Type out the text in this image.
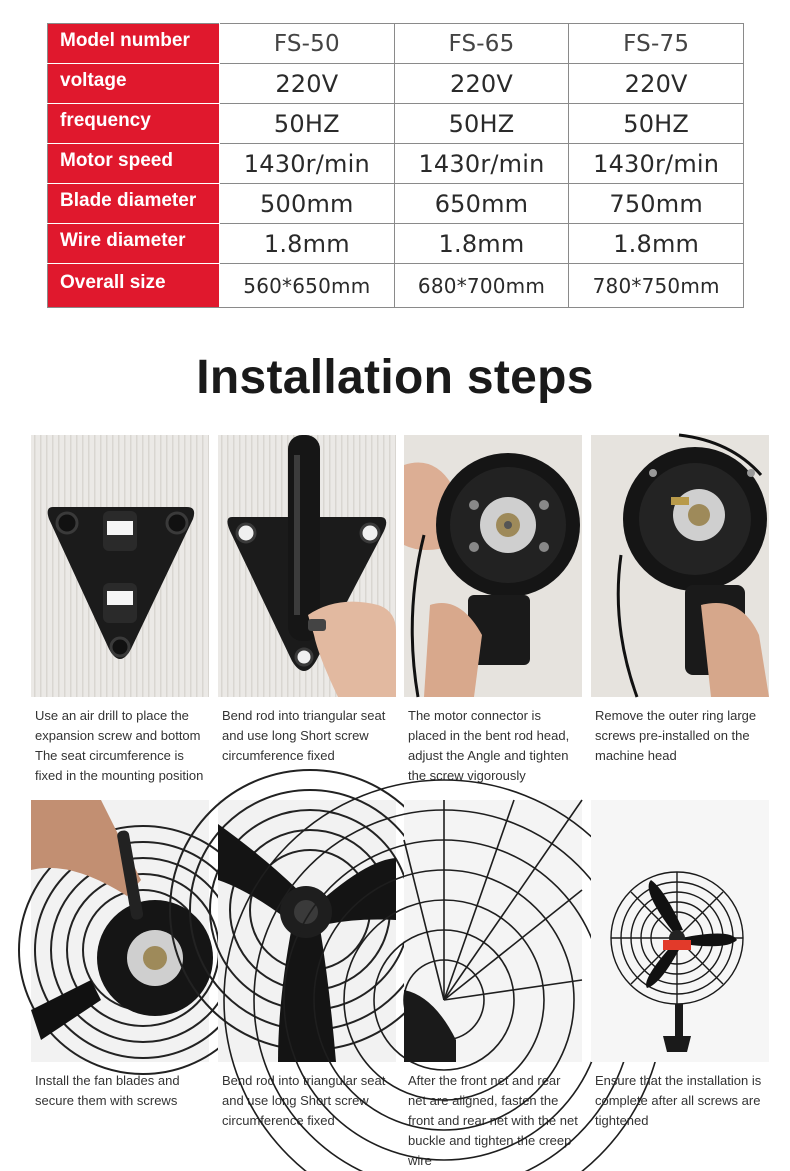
Model number	FS-50	FS-65	FS-75
voltage	220V	220V	220V
frequency	50HZ	50HZ	50HZ
Motor speed	1430r/min	1430r/min	1430r/min
Blade diameter	500mm	650mm	750mm
Wire diameter	1.8mm	1.8mm	1.8mm
Overall size	560*650mm	680*700mm	780*750mm
Installation steps
Use an air drill to place the expansion screw and bottom The seat circumference is fixed in the mounting position
Bend rod into triangular seat and use long Short screw circumference fixed
The motor connector is placed in the bent rod head, adjust the Angle and tighten the screw vigorously
Remove the outer ring large screws pre-installed on the machine head
Install the fan blades and secure them with screws
Bend rod into triangular seat and use long Short screw circumference fixed
After the front net and rear net are aligned, fasten the front and rear net with the net buckle and tighten the creep wire
Ensure that the installation is complete after all screws are tightened
